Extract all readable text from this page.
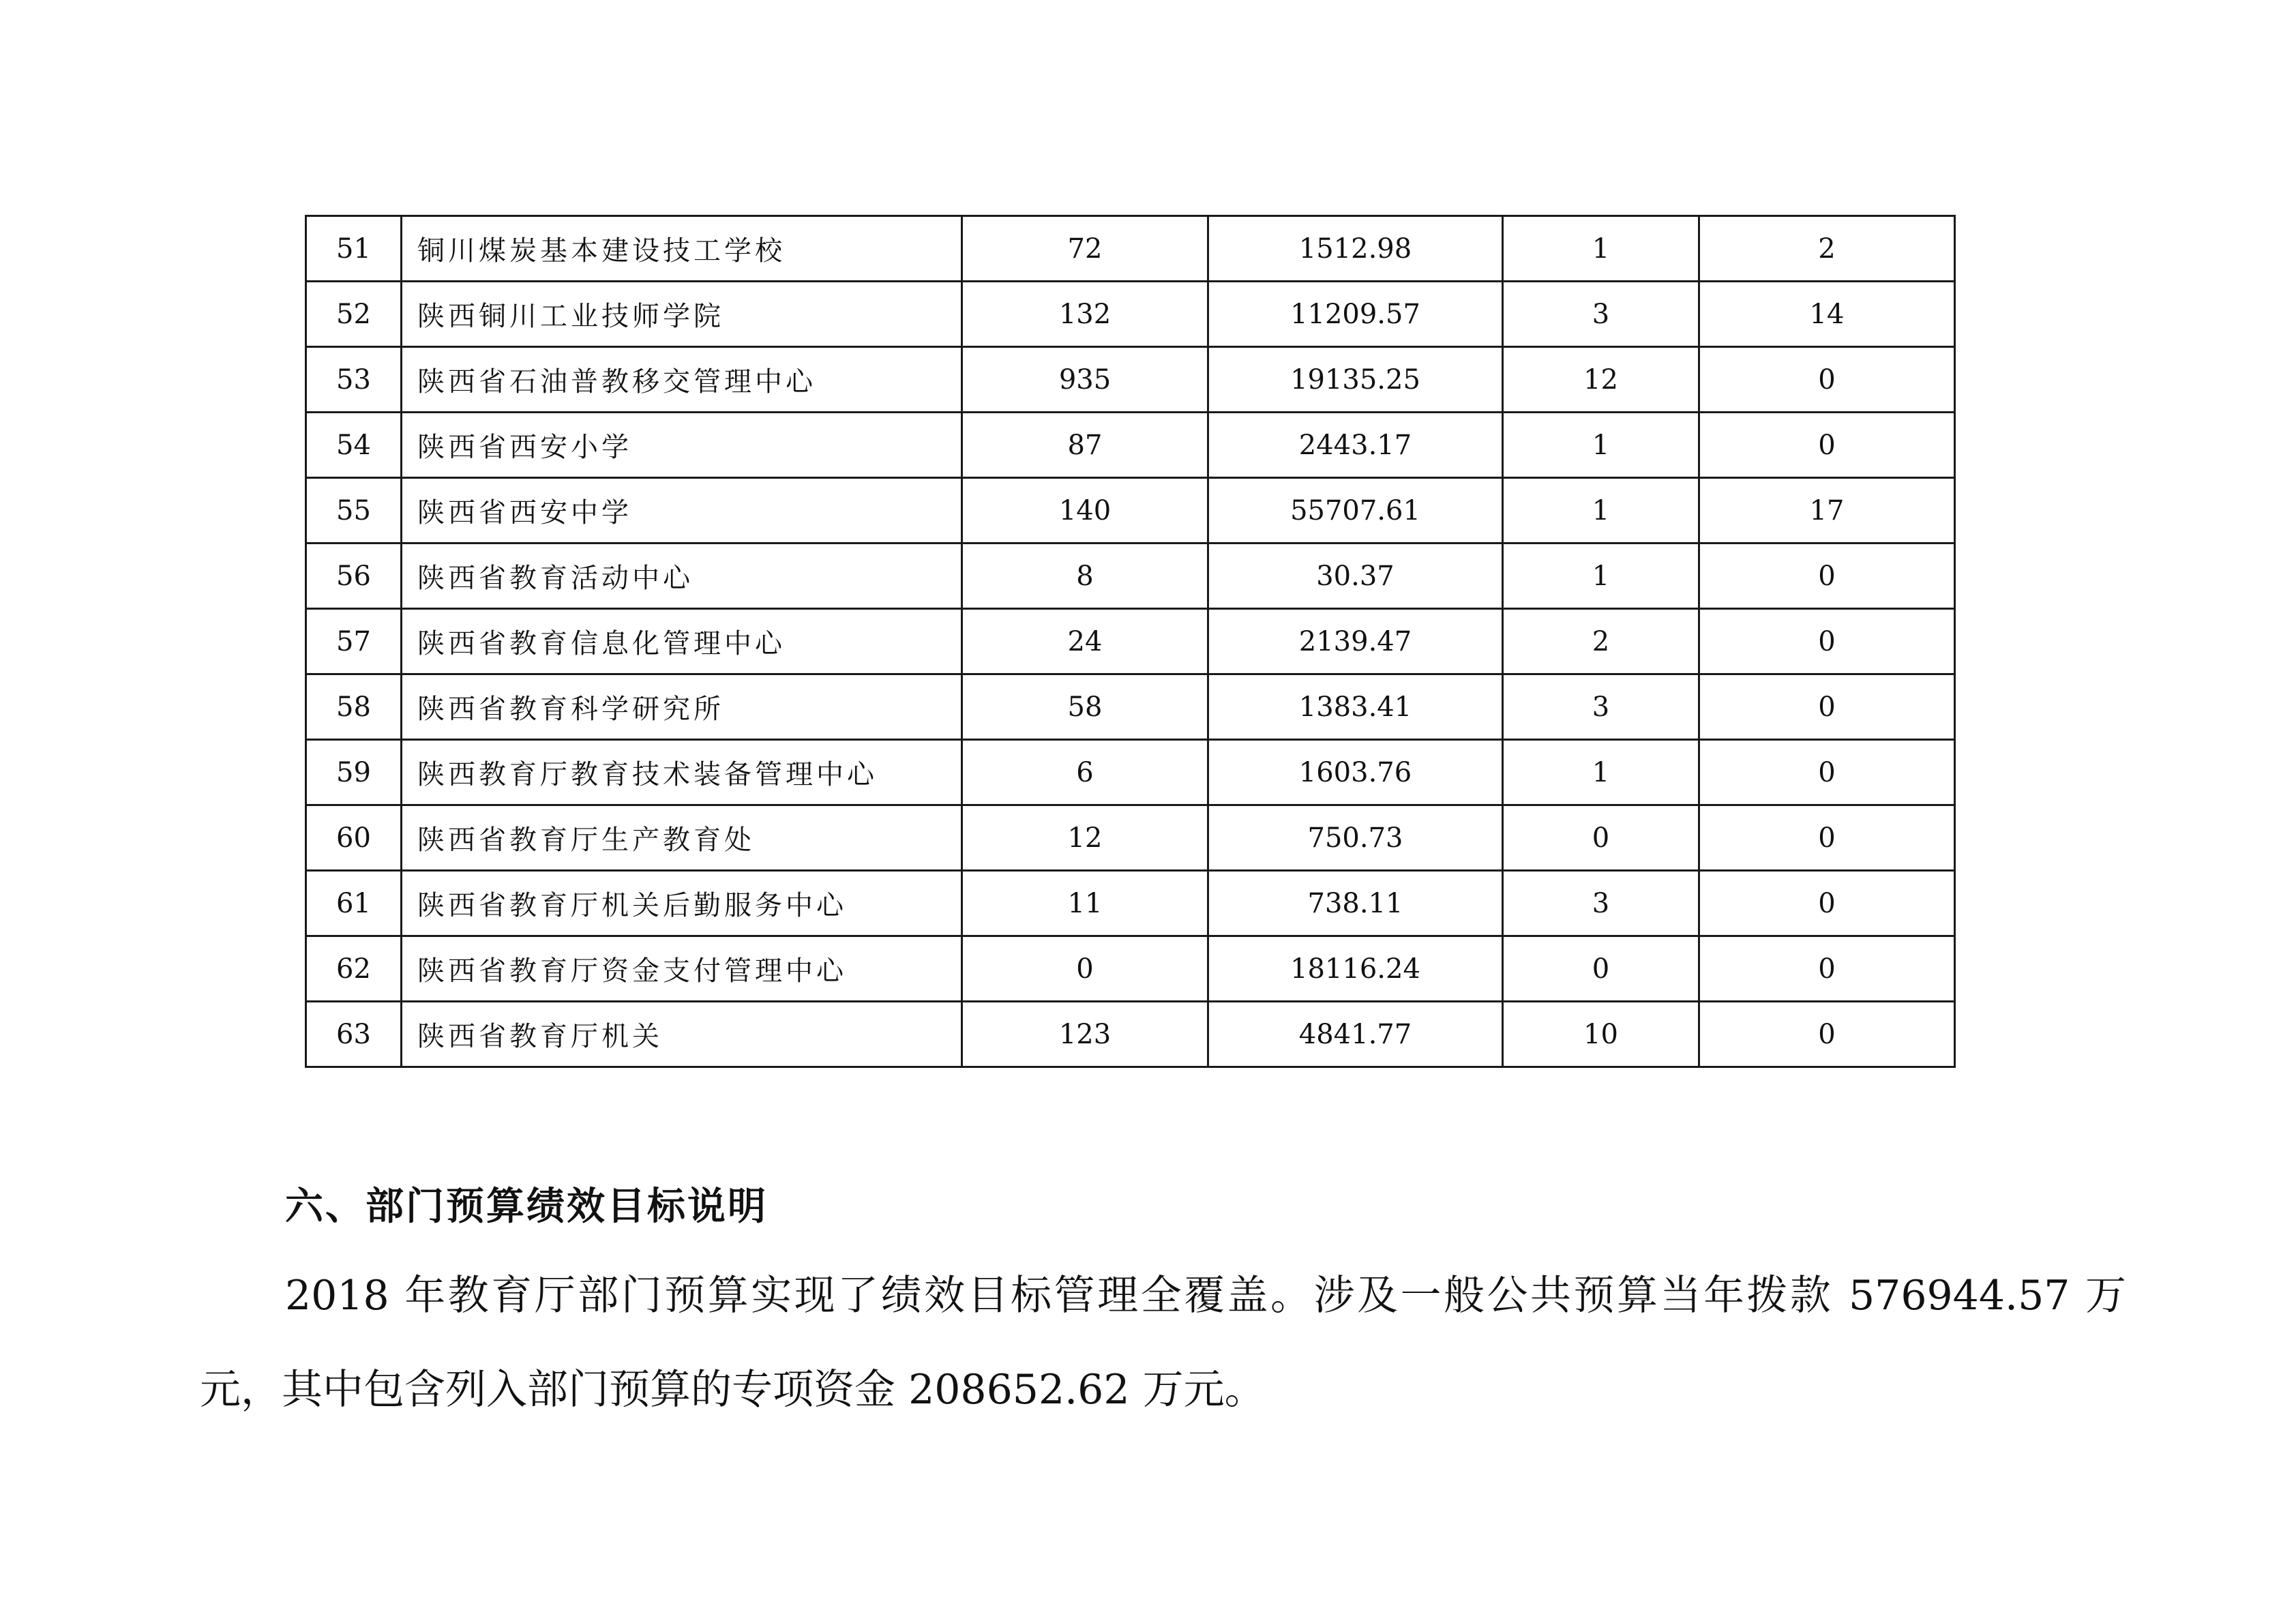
51	铜川煤炭基本建设技工学校	72	1512.98	1	2
52	陕西铜川工业技师学院	132	11209.57	3	14
53	陕西省石油普教移交管理中心	935	19135.25	12	0
54	陕西省西安小学	87	2443.17	1	0
55	陕西省西安中学	140	55707.61	1	17
56	陕西省教育活动中心	8	30.37	1	0
57	陕西省教育信息化管理中心	24	2139.47	2	0
58	陕西省教育科学研究所	58	1383.41	3	0
59	陕西教育厅教育技术装备管理中心	6	1603.76	1	0
60	陕西省教育厅生产教育处	12	750.73	0	0
61	陕西省教育厅机关后勤服务中心	11	738.11	3	0
62	陕西省教育厅资金支付管理中心	0	18116.24	0	0
63	陕西省教育厅机关	123	4841.77	10	0
六、部门预算绩效目标说明

2018 年教育厅部门预算实现了绩效目标管理全覆盖。涉及一般公共预算当年拨款 576944.57 万

元，其中包含列入部门预算的专项资金 208652.62 万元。
